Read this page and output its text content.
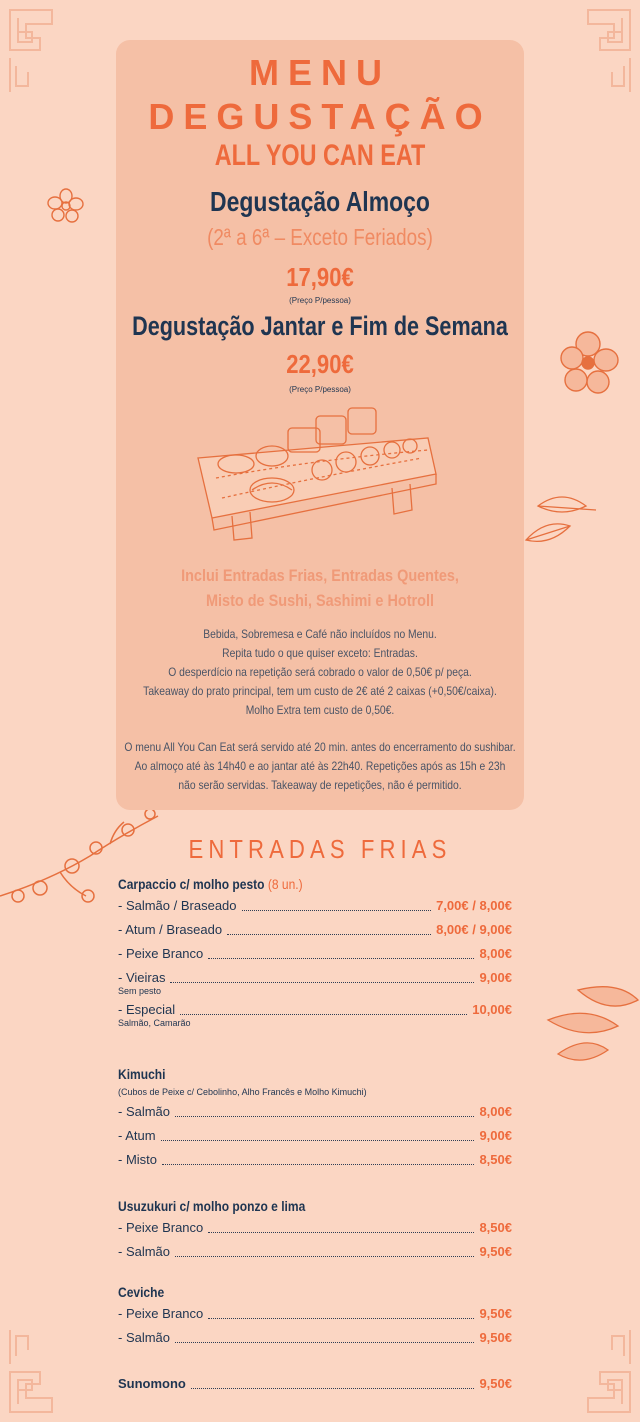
MENU
DEGUSTAÇÃO
ALL YOU CAN EAT
Degustação Almoço
(2ª a 6ª – Exceto Feriados)
17,90€
(Preço P/pessoa)
Degustação Jantar e Fim de Semana
22,90€
(Preço P/pessoa)
Inclui Entradas Frias, Entradas Quentes,
Misto de Sushi, Sashimi e Hotroll
Bebida, Sobremesa e Café não incluídos no Menu.
Repita tudo o que quiser exceto: Entradas.
O desperdício na repetição será cobrado o valor de 0,50€ p/ peça.
Takeaway do prato principal, tem um custo de 2€ até 2 caixas (+0,50€/caixa).
Molho Extra tem custo de 0,50€.
O menu All You Can Eat será servido até 20 min. antes do encerramento do sushibar.
Ao almoço até às 14h40 e ao jantar até às 22h40. Repetições após as 15h e 23h
não serão servidas. Takeaway de repetições, não é permitido.
ENTRADAS FRIAS
Carpaccio c/ molho pesto (8 un.)
- Salmão / Braseado	7,00€ / 8,00€
- Atum / Braseado	8,00€ / 9,00€
- Peixe Branco	8,00€
- Vieiras	9,00€
Sem pesto
- Especial	10,00€
Salmão, Camarão
Kimuchi
(Cubos de Peixe c/ Cebolinho, Alho Francês e Molho Kimuchi)
- Salmão	8,00€
- Atum	9,00€
- Misto	8,50€
Usuzukuri c/ molho ponzo e lima
- Peixe Branco	8,50€
- Salmão	9,50€
Ceviche
- Peixe Branco	9,50€
- Salmão	9,50€
Sunomono	9,50€
